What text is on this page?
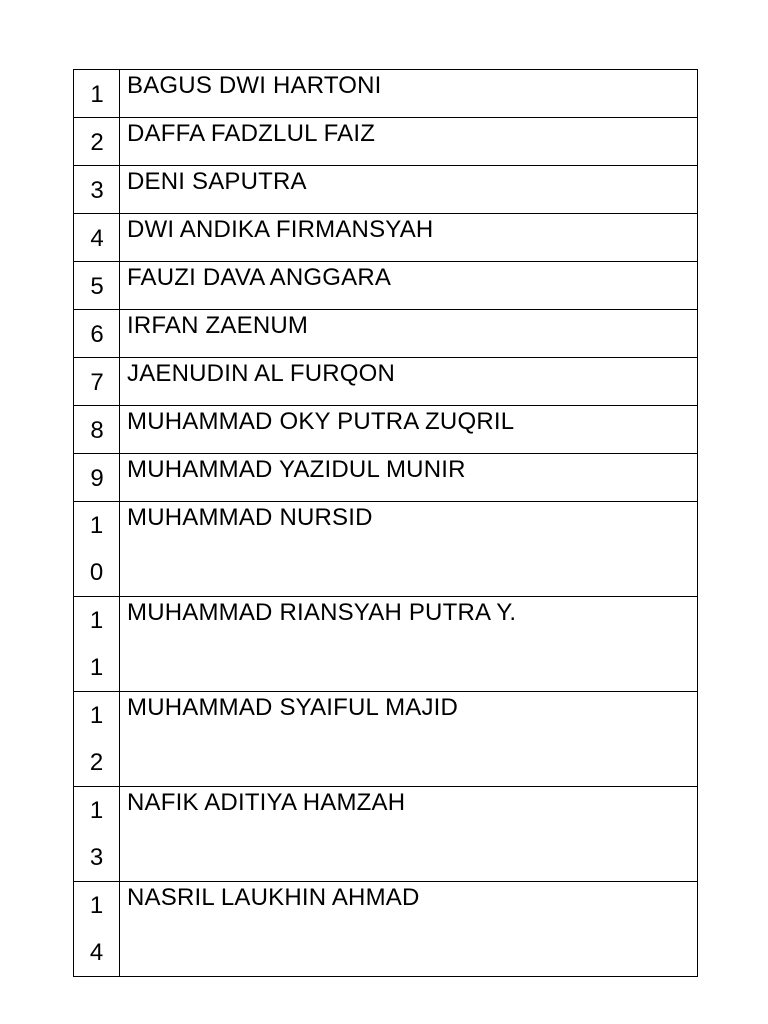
1	BAGUS DWI HARTONI

2	DAFFA FADZLUL FAIZ

3	DENI SAPUTRA

4	DWI ANDIKA FIRMANSYAH

5	FAUZI DAVA ANGGARA

6	IRFAN ZAENUM

7	JAENUDIN AL FURQON

8	MUHAMMAD OKY PUTRA ZUQRIL

9	MUHAMMAD YAZIDUL MUNIR

10	MUHAMMAD NURSID

11	MUHAMMAD RIANSYAH PUTRA Y.

12	MUHAMMAD SYAIFUL MAJID

13	NAFIK ADITIYA HAMZAH

14	NASRIL LAUKHIN AHMAD
